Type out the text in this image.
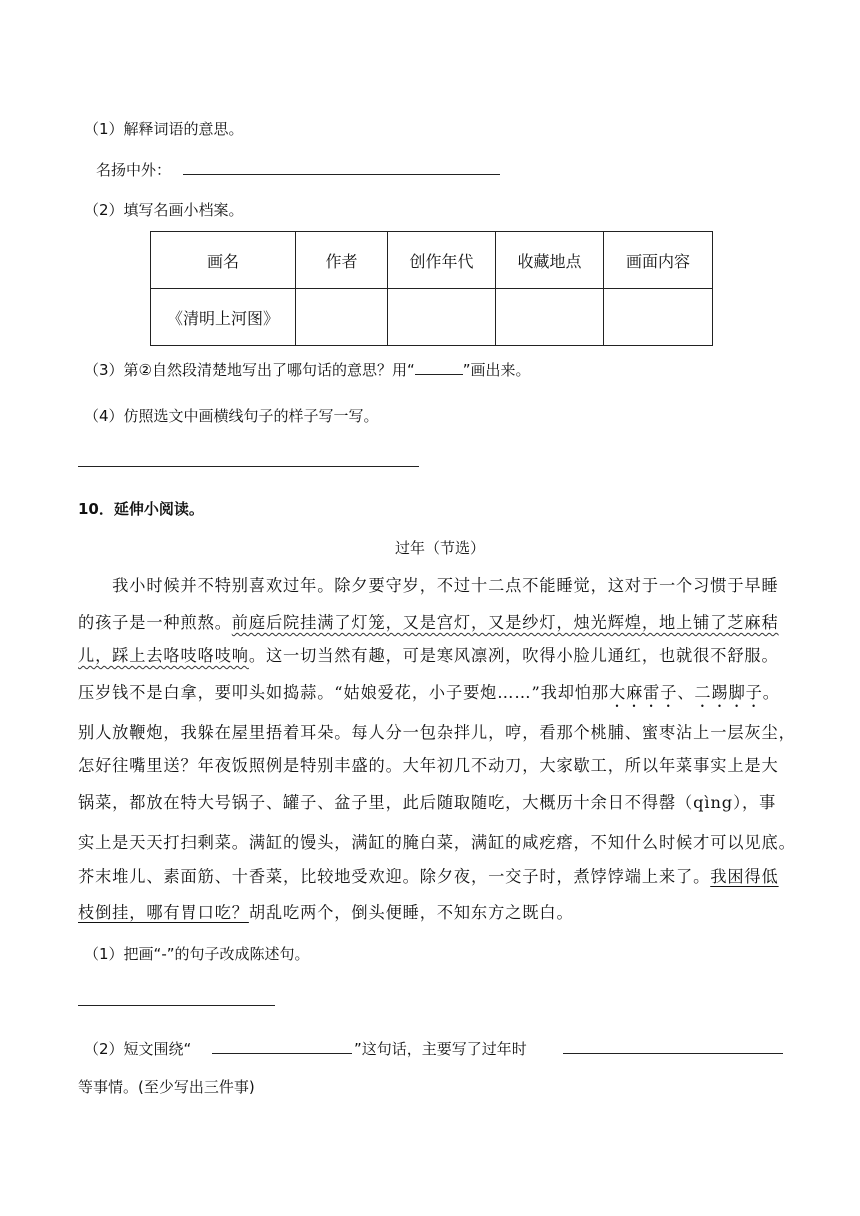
（1）解释词语的意思。
名扬中外：
（2）填写名画小档案。
画名	作者	创作年代	收藏地点	画面内容
《清明上河图》				
（3）第②自然段清楚地写出了哪句话的意思？用“	”画出来。
（4）仿照选文中画横线句子的样子写一写。
10．延伸小阅读。
过年（节选）
　　我小时候并不特别喜欢过年。除夕要守岁，不过十二点不能睡觉，这对于一个习惯于早睡
的孩子是一种煎熬。前庭后院挂满了灯笼，又是宫灯，又是纱灯，烛光辉煌，地上铺了芝麻秸
儿，踩上去咯吱咯吱响。这一切当然有趣，可是寒风凛冽，吹得小脸儿通红，也就很不舒服。
压岁钱不是白拿，要叩头如捣蒜。“姑娘爱花，小子要炮……”我却怕那大麻雷子、二踢脚子。
别人放鞭炮，我躲在屋里捂着耳朵。每人分一包杂拌儿，哼，看那个桃脯、蜜枣沾上一层灰尘，
怎好往嘴里送？年夜饭照例是特别丰盛的。大年初几不动刀，大家歇工，所以年菜事实上是大
锅菜，都放在特大号锅子、罐子、盆子里，此后随取随吃，大概历十余日不得罄（qìng），事
实上是天天打扫剩菜。满缸的馒头，满缸的腌白菜，满缸的咸疙瘩，不知什么时候才可以见底。
芥末堆儿、素面筋、十香菜，比较地受欢迎。除夕夜，一交子时，煮饽饽端上来了。我困得低
枝倒挂，哪有胃口吃？胡乱吃两个，倒头便睡，不知东方之既白。
（1）把画“-”的句子改成陈述句。
（2）短文围绕“	”这句话，主要写了过年时
等事情。(至少写出三件事)
